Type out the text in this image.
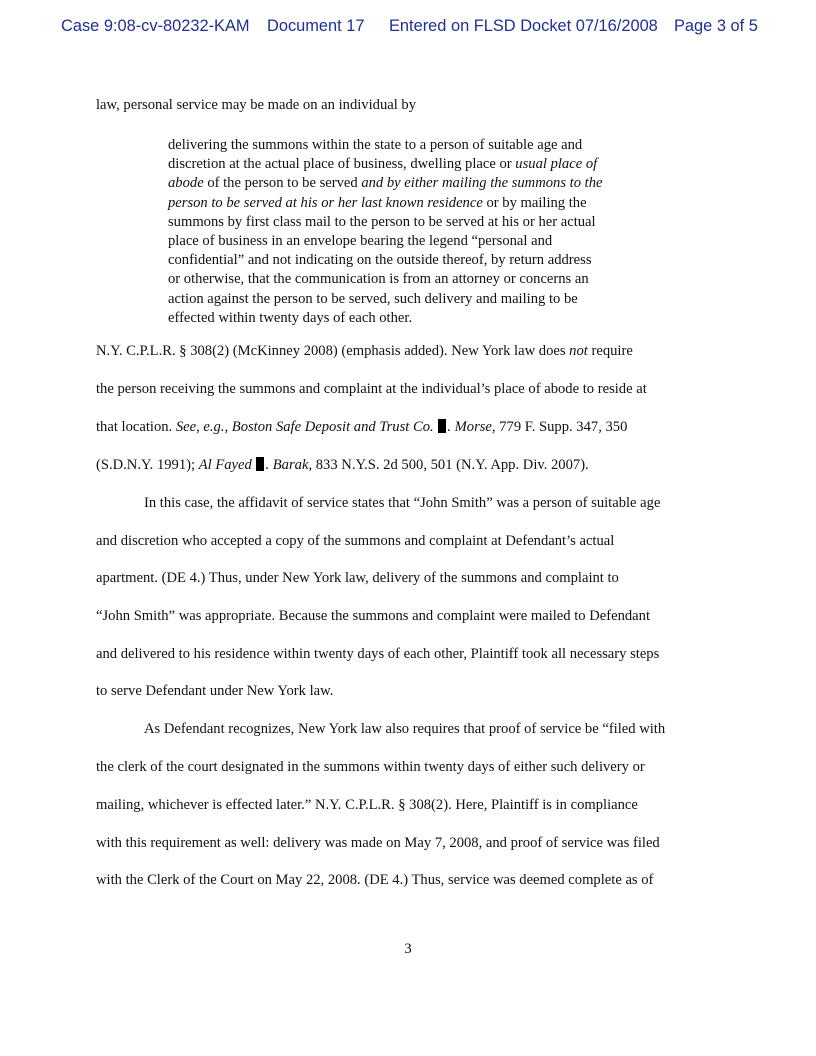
Case 9:08-cv-80232-KAM Document 17 Entered on FLSD Docket 07/16/2008 Page 3 of 5
law, personal service may be made on an individual by
delivering the summons within the state to a person of suitable age and
discretion at the actual place of business, dwelling place or usual place of
abode of the person to be served and by either mailing the summons to the
person to be served at his or her last known residence or by mailing the
summons by first class mail to the person to be served at his or her actual
place of business in an envelope bearing the legend “personal and
confidential” and not indicating on the outside thereof, by return address
or otherwise, that the communication is from an attorney or concerns an
action against the person to be served, such delivery and mailing to be
effected within twenty days of each other.
N.Y. C.P.L.R. § 308(2) (McKinney 2008) (emphasis added). New York law does not require
the person receiving the summons and complaint at the individual’s place of abode to reside at
that location. See, e.g., Boston Safe Deposit and Trust Co. . Morse, 779 F. Supp. 347, 350
(S.D.N.Y. 1991); Al Fayed . Barak, 833 N.Y.S. 2d 500, 501 (N.Y. App. Div. 2007).
In this case, the affidavit of service states that “John Smith” was a person of suitable age
and discretion who accepted a copy of the summons and complaint at Defendant’s actual
apartment. (DE 4.) Thus, under New York law, delivery of the summons and complaint to
“John Smith” was appropriate. Because the summons and complaint were mailed to Defendant
and delivered to his residence within twenty days of each other, Plaintiff took all necessary steps
to serve Defendant under New York law.
As Defendant recognizes, New York law also requires that proof of service be “filed with
the clerk of the court designated in the summons within twenty days of either such delivery or
mailing, whichever is effected later.” N.Y. C.P.L.R. § 308(2). Here, Plaintiff is in compliance
with this requirement as well: delivery was made on May 7, 2008, and proof of service was filed
with the Clerk of the Court on May 22, 2008. (DE 4.) Thus, service was deemed complete as of
3
